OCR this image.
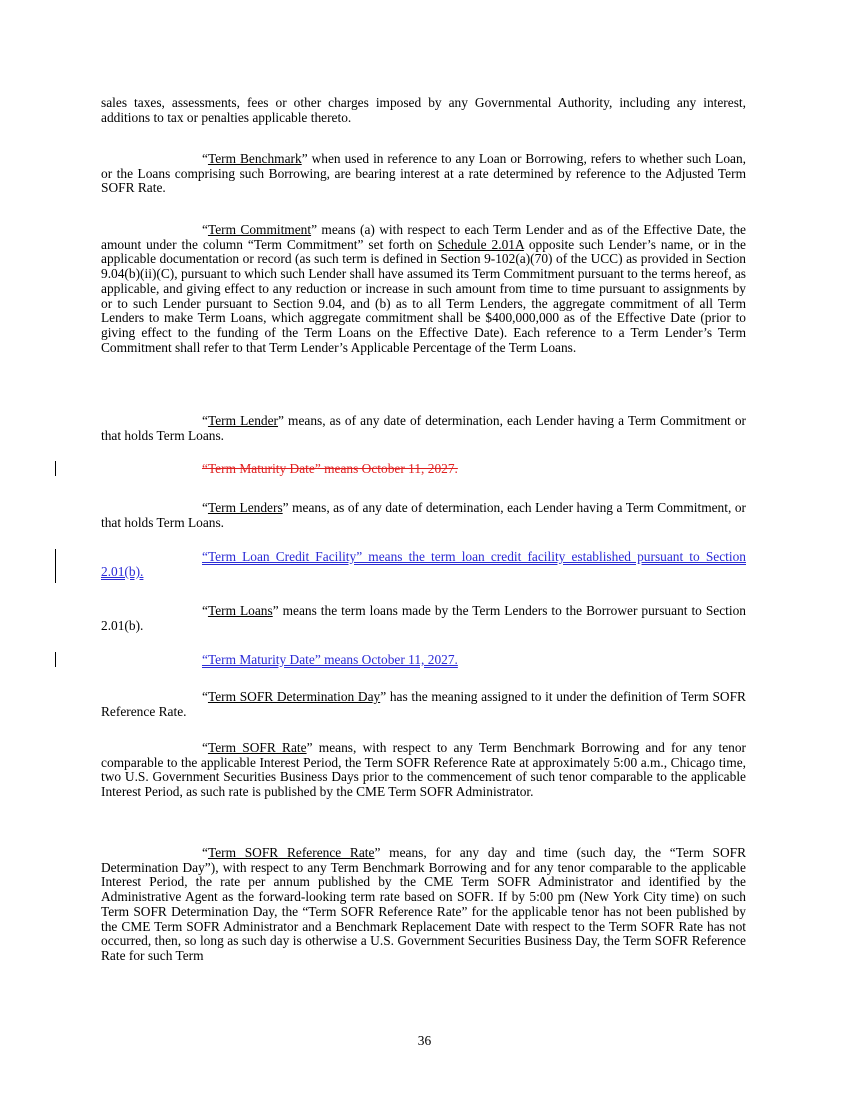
sales taxes, assessments, fees or other charges imposed by any Governmental Authority, including any interest, additions to tax or penalties applicable thereto.

“Term Benchmark” when used in reference to any Loan or Borrowing, refers to whether such Loan, or the Loans comprising such Borrowing, are bearing interest at a rate determined by reference to the Adjusted Term SOFR Rate.

“Term Commitment” means (a) with respect to each Term Lender and as of the Effective Date, the amount under the column “Term Commitment” set forth on Schedule 2.01A opposite such Lender’s name, or in the applicable documentation or record (as such term is defined in Section 9-102(a)(70) of the UCC) as provided in Section 9.04(b)(ii)(C), pursuant to which such Lender shall have assumed its Term Commitment pursuant to the terms hereof, as applicable, and giving effect to any reduction or increase in such amount from time to time pursuant to assignments by or to such Lender pursuant to Section 9.04, and (b) as to all Term Lenders, the aggregate commitment of all Term Lenders to make Term Loans, which aggregate commitment shall be $400,000,000 as of the Effective Date (prior to giving effect to the funding of the Term Loans on the Effective Date). Each reference to a Term Lender’s Term Commitment shall refer to that Term Lender’s Applicable Percentage of the Term Loans.

“Term Lender” means, as of any date of determination, each Lender having a Term Commitment or that holds Term Loans.

“Term Maturity Date” means October 11, 2027.

“Term Lenders” means, as of any date of determination, each Lender having a Term Commitment, or that holds Term Loans.

“Term Loan Credit Facility” means the term loan credit facility established pursuant to Section 2.01(b).

“Term Loans” means the term loans made by the Term Lenders to the Borrower pursuant to Section 2.01(b).

“Term Maturity Date” means October 11, 2027.

“Term SOFR Determination Day” has the meaning assigned to it under the definition of Term SOFR Reference Rate.

“Term SOFR Rate” means, with respect to any Term Benchmark Borrowing and for any tenor comparable to the applicable Interest Period, the Term SOFR Reference Rate at approximately 5:00 a.m., Chicago time, two U.S. Government Securities Business Days prior to the commencement of such tenor comparable to the applicable Interest Period, as such rate is published by the CME Term SOFR Administrator.

“Term SOFR Reference Rate” means, for any day and time (such day, the “Term SOFR Determination Day”), with respect to any Term Benchmark Borrowing and for any tenor comparable to the applicable Interest Period, the rate per annum published by the CME Term SOFR Administrator and identified by the Administrative Agent as the forward-looking term rate based on SOFR. If by 5:00 pm (New York City time) on such Term SOFR Determination Day, the “Term SOFR Reference Rate” for the applicable tenor has not been published by the CME Term SOFR Administrator and a Benchmark Replacement Date with respect to the Term SOFR Rate has not occurred, then, so long as such day is otherwise a U.S. Government Securities Business Day, the Term SOFR Reference Rate for such Term

36
